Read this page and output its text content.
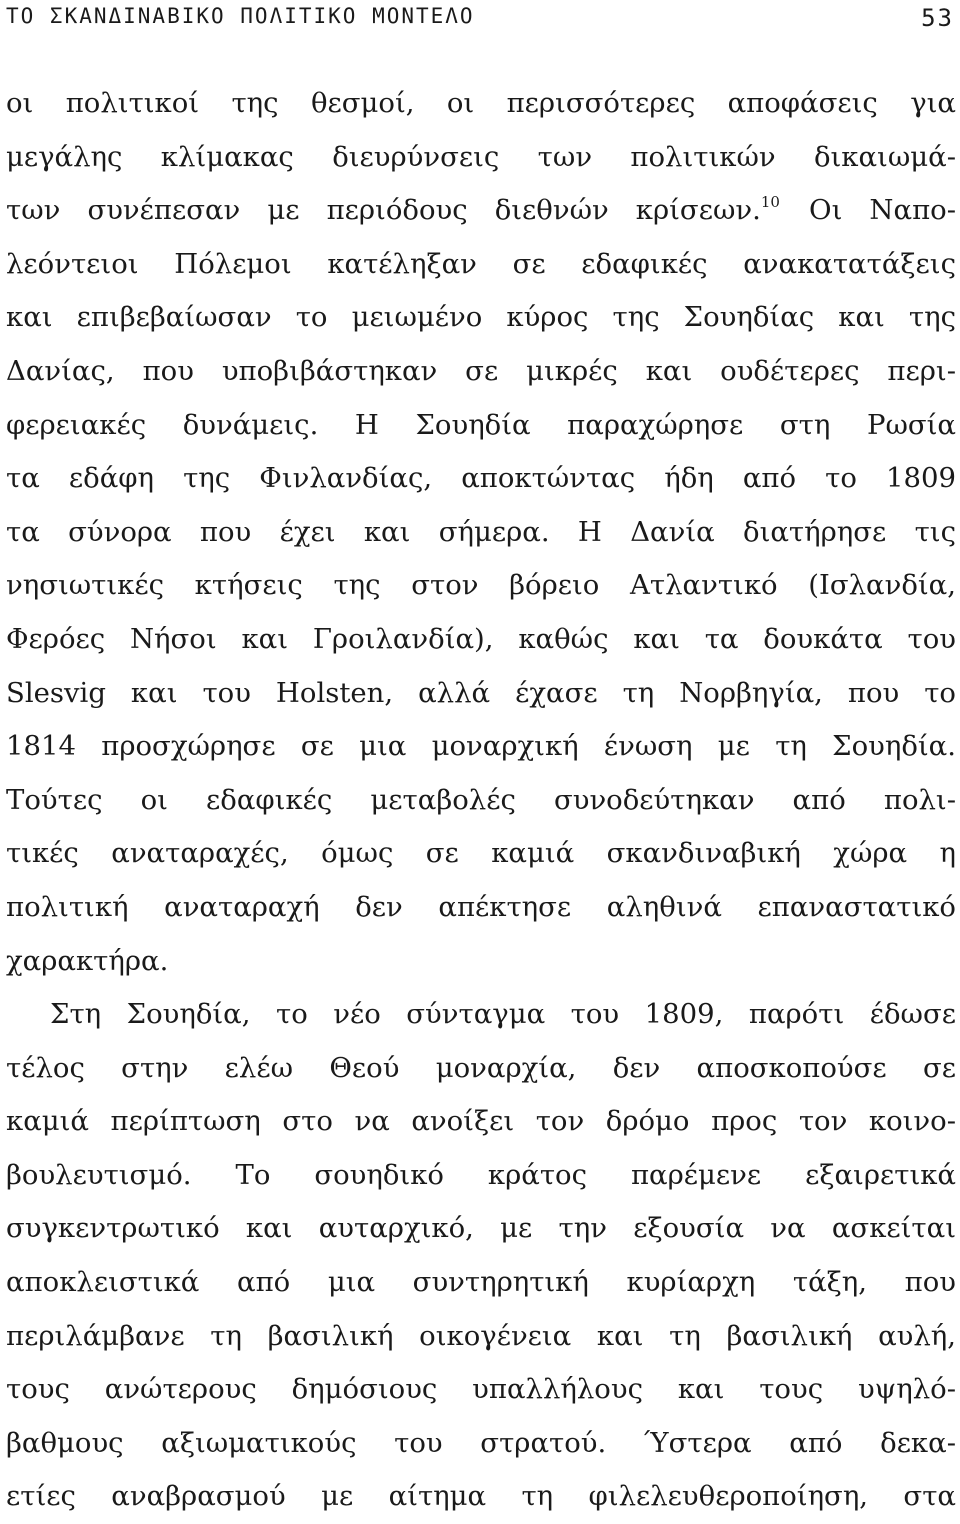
ΤΟ ΣΚΑΝΔΙΝΑΒΙΚΟ ΠΟΛΙΤΙΚΟ ΜΟΝΤΕΛΟ	53
οι πολιτικοί της θεσμοί, οι περισσότερες αποφάσεις για
μεγάλης κλίμακας διευρύνσεις των πολιτικών δικαιωμά-
των συνέπεσαν με περιόδους διεθνών κρίσεων.$^{10}$ Οι Ναπο-
λεόντειοι Πόλεμοι κατέληξαν σε εδαφικές ανακατατάξεις
και επιβεβαίωσαν το μειωμένο κύρος της Σουηδίας και της
Δανίας, που υποβιβάστηκαν σε μικρές και ουδέτερες περι-
φερειακές δυνάμεις. Η Σουηδία παραχώρησε στη Ρωσία
τα εδάφη της Φινλανδίας, αποκτώντας ήδη από το 1809
τα σύνορα που έχει και σήμερα. Η Δανία διατήρησε τις
νησιωτικές κτήσεις της στον βόρειο Ατλαντικό (Ισλανδία,
Φερόες Νήσοι και Γροιλανδία), καθώς και τα δουκάτα του
Slesvig και του Holsten, αλλά έχασε τη Νορβηγία, που το
1814 προσχώρησε σε μια μοναρχική ένωση με τη Σουηδία.
Τούτες οι εδαφικές μεταβολές συνοδεύτηκαν από πολι-
τικές αναταραχές, όμως σε καμιά σκανδιναβική χώρα η
πολιτική αναταραχή δεν απέκτησε αληθινά επαναστατικό
χαρακτήρα.
Στη Σουηδία, το νέο σύνταγμα του 1809, παρότι έδωσε
τέλος στην ελέω Θεού μοναρχία, δεν αποσκοπούσε σε
καμιά περίπτωση στο να ανοίξει τον δρόμο προς τον κοινο-
βουλευτισμό. Το σουηδικό κράτος παρέμενε εξαιρετικά
συγκεντρωτικό και αυταρχικό, με την εξουσία να ασκείται
αποκλειστικά από μια συντηρητική κυρίαρχη τάξη, που
περιλάμβανε τη βασιλική οικογένεια και τη βασιλική αυλή,
τους ανώτερους δημόσιους υπαλλήλους και τους υψηλό-
βαθμους αξιωματικούς του στρατού. Ύστερα από δεκα-
ετίες αναβρασμού με αίτημα τη φιλελευθεροποίηση, στα
